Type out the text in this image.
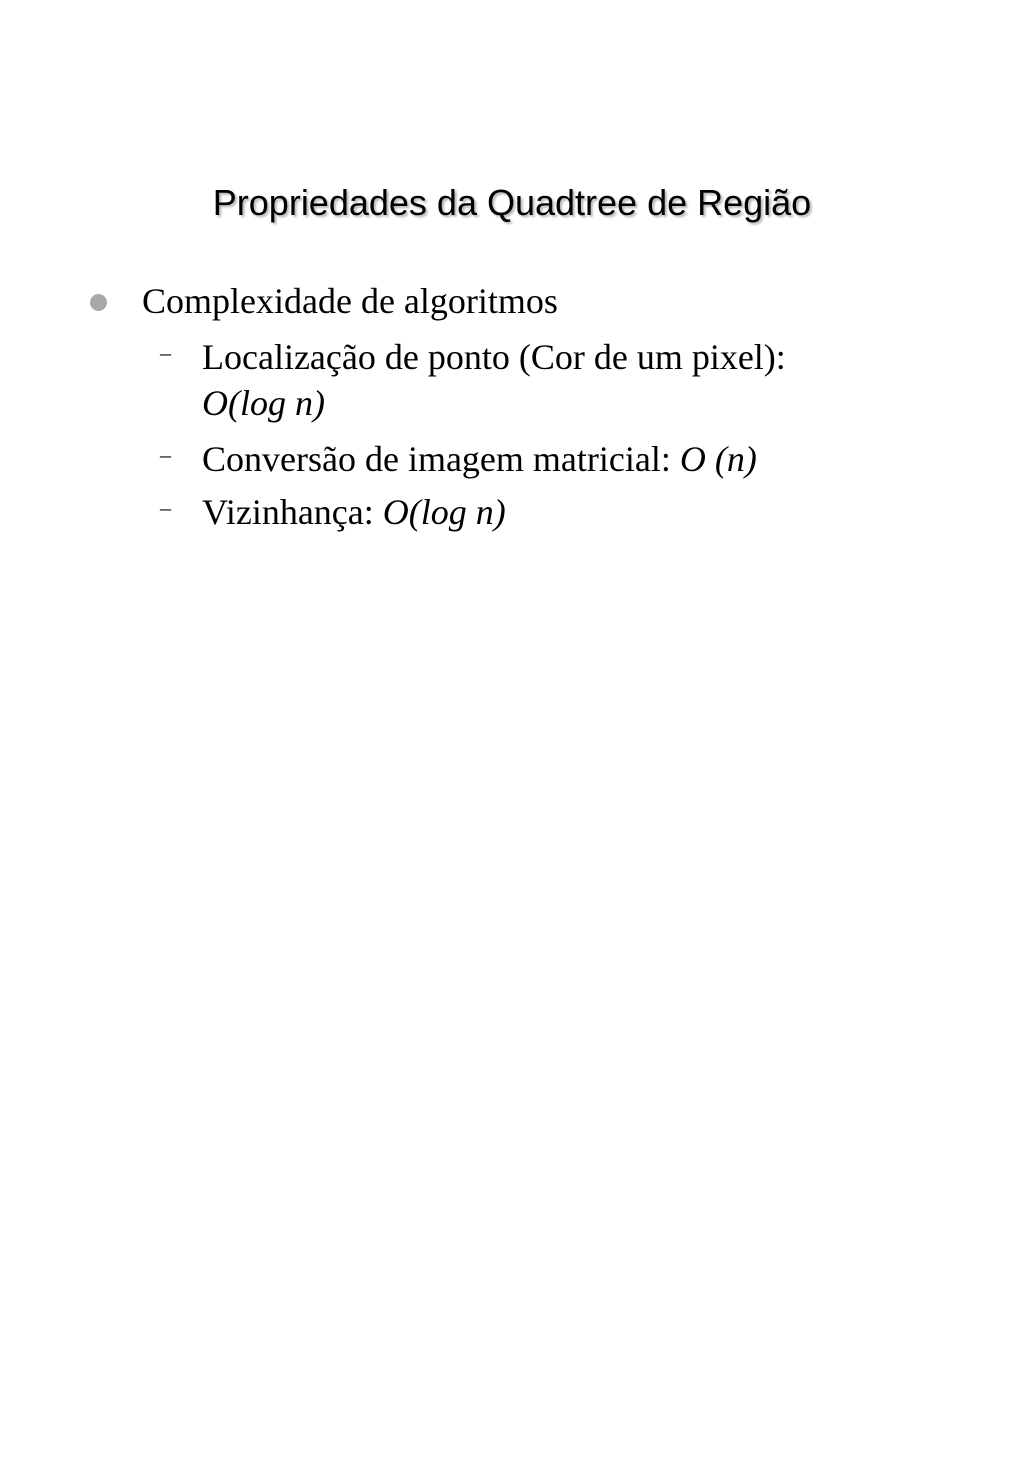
Propriedades da Quadtree de Região
Complexidade de algoritmos
– Localização de ponto (Cor de um pixel):
O(log n)
– Conversão de imagem matricial: O (n)
– Vizinhança: O(log n)
